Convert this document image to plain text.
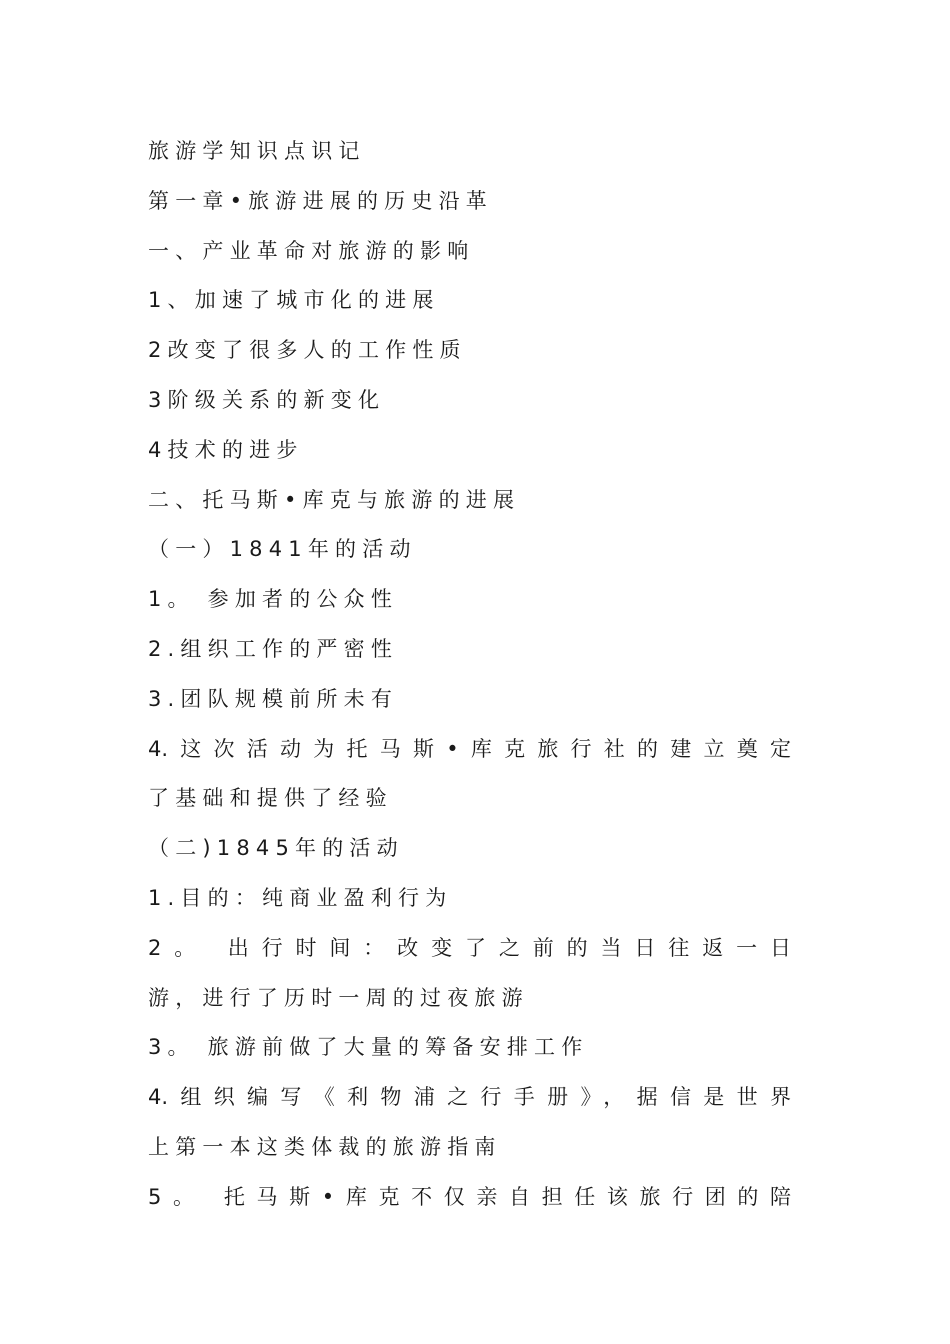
旅游学知识点识记
第一章•旅游进展的历史沿革
一、产业革命对旅游的影响
1、加速了城市化的进展
2改变了很多人的工作性质
3阶级关系的新变化
4技术的进步
二、托马斯•库克与旅游的进展
（一）1841年的活动
1。 参加者的公众性
2.组织工作的严密性
3.团队规模前所未有
4.这次活动为托马斯•库克旅行社的建立奠定
了基础和提供了经验
（二)1845年的活动
1.目的：纯商业盈利行为
2。 出行时间：改变了之前的当日往返一日
游，进行了历时一周的过夜旅游
3。 旅游前做了大量的筹备安排工作
4.组织编写《利物浦之行手册》，据信是世界
上第一本这类体裁的旅游指南
5。 托马斯•库克不仅亲自担任该旅行团的陪
